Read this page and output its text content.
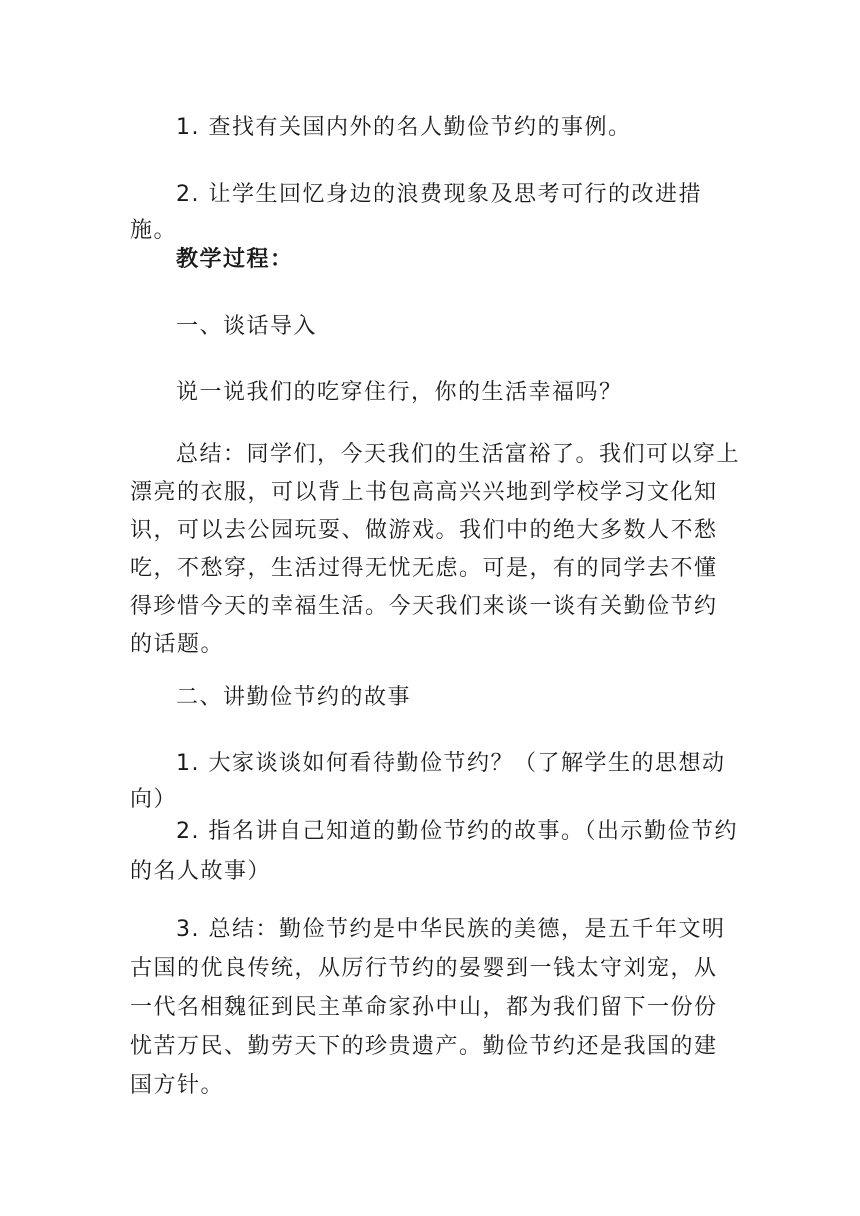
1. 查找有关国内外的名人勤俭节约的事例。

2. 让学生回忆身边的浪费现象及思考可行的改进措施。

教学过程：

一、谈话导入

说一说我们的吃穿住行，你的生活幸福吗？

总结：同学们，今天我们的生活富裕了。我们可以穿上漂亮的衣服，可以背上书包高高兴兴地到学校学习文化知识，可以去公园玩耍、做游戏。我们中的绝大多数人不愁吃，不愁穿，生活过得无忧无虑。可是，有的同学去不懂得珍惜今天的幸福生活。今天我们来谈一谈有关勤俭节约的话题。

二、讲勤俭节约的故事

1. 大家谈谈如何看待勤俭节约？（了解学生的思想动向）

2. 指名讲自己知道的勤俭节约的故事。（出示勤俭节约的名人故事）

3. 总结：勤俭节约是中华民族的美德，是五千年文明古国的优良传统，从厉行节约的晏婴到一钱太守刘宠，从一代名相魏征到民主革命家孙中山，都为我们留下一份份忧苦万民、勤劳天下的珍贵遗产。勤俭节约还是我国的建国方针。
